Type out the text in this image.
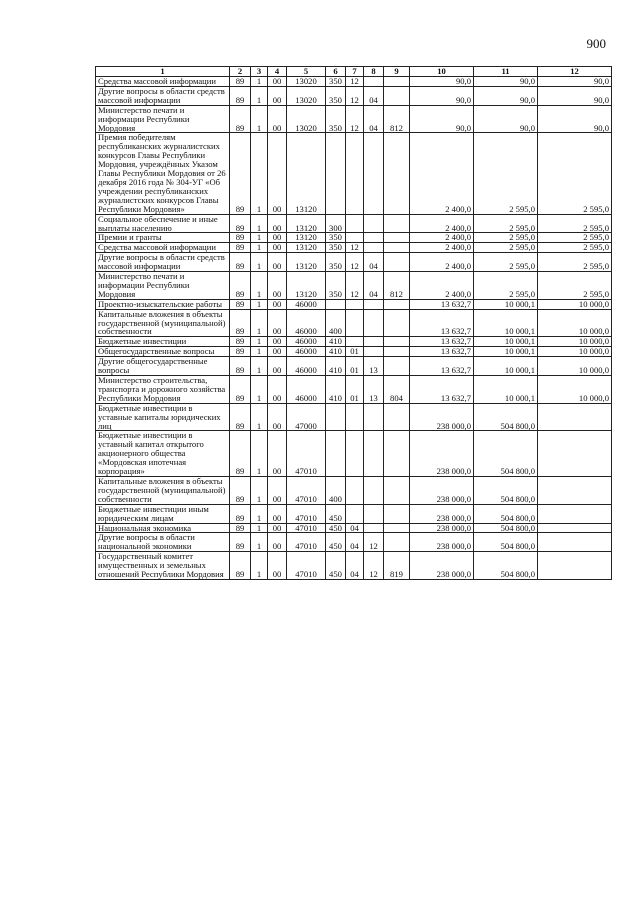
900
1	2	3	4	5	6	7	8	9	10	11	12
Средства массовой информации	89	1	00	13020	350	12			90,0	90,0	90,0
Другие вопросы в области средств массовой информации	89	1	00	13020	350	12	04		90,0	90,0	90,0
Министерство печати и информации Республики Мордовия	89	1	00	13020	350	12	04	812	90,0	90,0	90,0
Премия победителям республиканских журналистских конкурсов Главы Республики Мордовия, учреждённых Указом Главы Республики Мордовия от 26 декабря 2016 года № 304-УГ «Об учреждении республиканских журналистских конкурсов Главы Республики Мордовия»	89	1	00	13120					2 400,0	2 595,0	2 595,0
Социальное обеспечение и иные выплаты населению	89	1	00	13120	300				2 400,0	2 595,0	2 595,0
Премии и гранты	89	1	00	13120	350				2 400,0	2 595,0	2 595,0
Средства массовой информации	89	1	00	13120	350	12			2 400,0	2 595,0	2 595,0
Другие вопросы в области средств массовой информации	89	1	00	13120	350	12	04		2 400,0	2 595,0	2 595,0
Министерство печати и информации Республики Мордовия	89	1	00	13120	350	12	04	812	2 400,0	2 595,0	2 595,0
Проектно-изыскательские работы	89	1	00	46000					13 632,7	10 000,1	10 000,0
Капитальные вложения в объекты государственной (муниципальной) собственности	89	1	00	46000	400				13 632,7	10 000,1	10 000,0
Бюджетные инвестиции	89	1	00	46000	410				13 632,7	10 000,1	10 000,0
Общегосударственные вопросы	89	1	00	46000	410	01			13 632,7	10 000,1	10 000,0
Другие общегосударственные вопросы	89	1	00	46000	410	01	13		13 632,7	10 000,1	10 000,0
Министерство строительства, транспорта и дорожного хозяйства Республики Мордовия	89	1	00	46000	410	01	13	804	13 632,7	10 000,1	10 000,0
Бюджетные инвестиции в уставные капиталы юридических лиц	89	1	00	47000					238 000,0	504 800,0	
Бюджетные инвестиции в уставный капитал открытого акционерного общества «Мордовская ипотечная корпорация»	89	1	00	47010					238 000,0	504 800,0	
Капитальные вложения в объекты государственной (муниципальной) собственности	89	1	00	47010	400				238 000,0	504 800,0	
Бюджетные инвестиции иным юридическим лицам	89	1	00	47010	450				238 000,0	504 800,0	
Национальная экономика	89	1	00	47010	450	04			238 000,0	504 800,0	
Другие вопросы в области национальной экономики	89	1	00	47010	450	04	12		238 000,0	504 800,0	
Государственный комитет имущественных и земельных отношений Республики Мордовия	89	1	00	47010	450	04	12	819	238 000,0	504 800,0	
